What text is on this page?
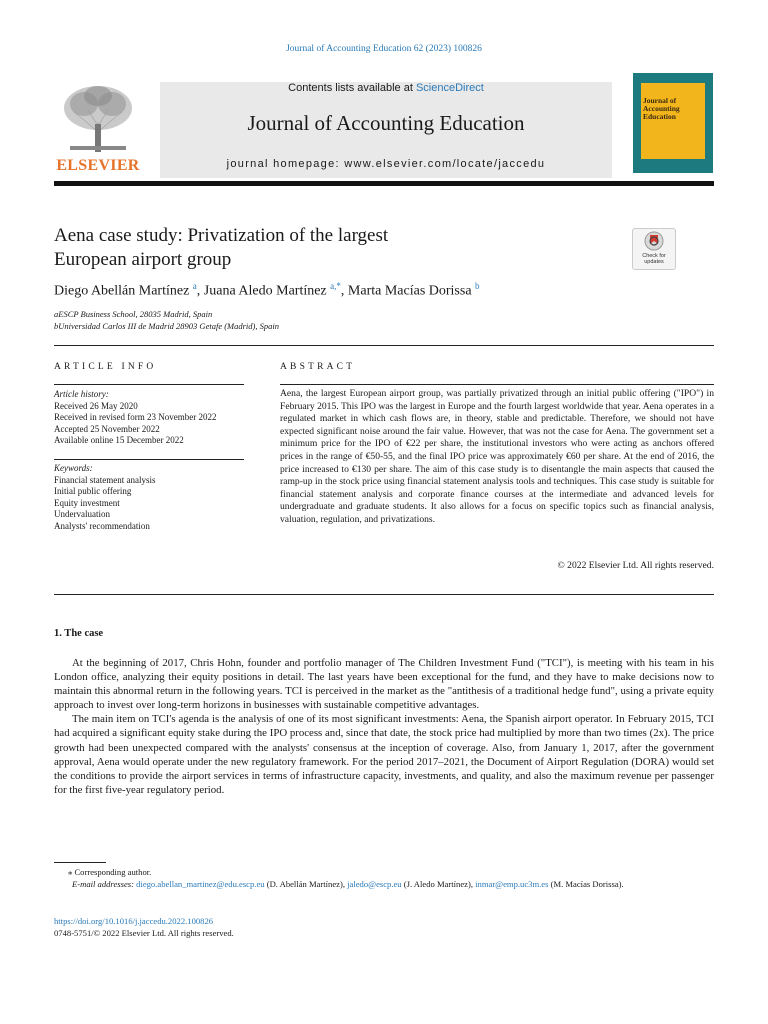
Journal of Accounting Education 62 (2023) 100826
ELSEVIER
Contents lists available at ScienceDirect
Journal of Accounting Education
journal homepage: www.elsevier.com/locate/jaccedu
Journal of Accounting Education
Aena case study: Privatization of the largest
European airport group	Check for updates
Diego Abellán Martínez $^a$, Juana Aledo Martínez $^{a,*}$, Marta Macías Dorissa $^b$
aESCP Business School, 28035 Madrid, Spain
bUniversidad Carlos III de Madrid 28903 Getafe (Madrid), Spain
ARTICLE INFO
Article history:
Received 26 May 2020
Received in revised form 23 November 2022
Accepted 25 November 2022
Available online 15 December 2022
Keywords:
Financial statement analysis
Initial public offering
Equity investment
Undervaluation
Analysts' recommendation
ABSTRACT
Aena, the largest European airport group, was partially privatized through an initial public offering ("IPO") in February 2015. This IPO was the largest in Europe and the fourth largest worldwide that year. Aena operates in a regulated market in which cash flows are, in theory, stable and predictable. Therefore, we should not have expected significant noise around the fair value. However, that was not the case for Aena. The government set a minimum price for the IPO of €22 per share, the institutional investors who were acting as anchors offered prices in the range of €50-55, and the final IPO price was approximately €60 per share. At the end of 2016, the price increased to €130 per share. The aim of this case study is to disentangle the main aspects that caused the ramp-up in the stock price using financial statement analysis tools and techniques. This case study is suitable for financial statement analysis and corporate finance courses at the intermediate and advanced levels for undergraduate and graduate students. It also allows for a focus on specific topics such as financial analysis, valuation, regulation, and privatizations.
© 2022 Elsevier Ltd. All rights reserved.
1. The case

At the beginning of 2017, Chris Hohn, founder and portfolio manager of The Children Investment Fund ("TCI"), is meeting with his team in his London office, analyzing their equity positions in detail. The last years have been exceptional for the fund, and they have to make decisions now to maintain this abnormal return in the following years. TCI is perceived in the market as the "antithesis of a traditional hedge fund", using a private equity approach to invest over long-term horizons in businesses with sustainable competitive advantages.

The main item on TCI's agenda is the analysis of one of its most significant investments: Aena, the Spanish airport operator. In February 2015, TCI had acquired a significant equity stake during the IPO process and, since that date, the stock price had multiplied by more than two times (2x). The price growth had been unexpected compared with the analysts' consensus at the inception of coverage. Also, from January 1, 2017, after the government approval, Aena would operate under the new regulatory framework. For the period 2017–2021, the Document of Airport Regulation (DORA) would set the conditions to provide the airport services in terms of infrastructure capacity, investments, and quality, and also the maximum revenue per passenger for the first five-year regulatory period.

⁎ Corresponding author.
E-mail addresses: diego.abellan_martinez@edu.escp.eu (D. Abellán Martínez), jaledo@escp.eu (J. Aledo Martínez), inmar@emp.uc3m.es (M. Macías Dorissa).
https://doi.org/10.1016/j.jaccedu.2022.100826
0748-5751/© 2022 Elsevier Ltd. All rights reserved.
